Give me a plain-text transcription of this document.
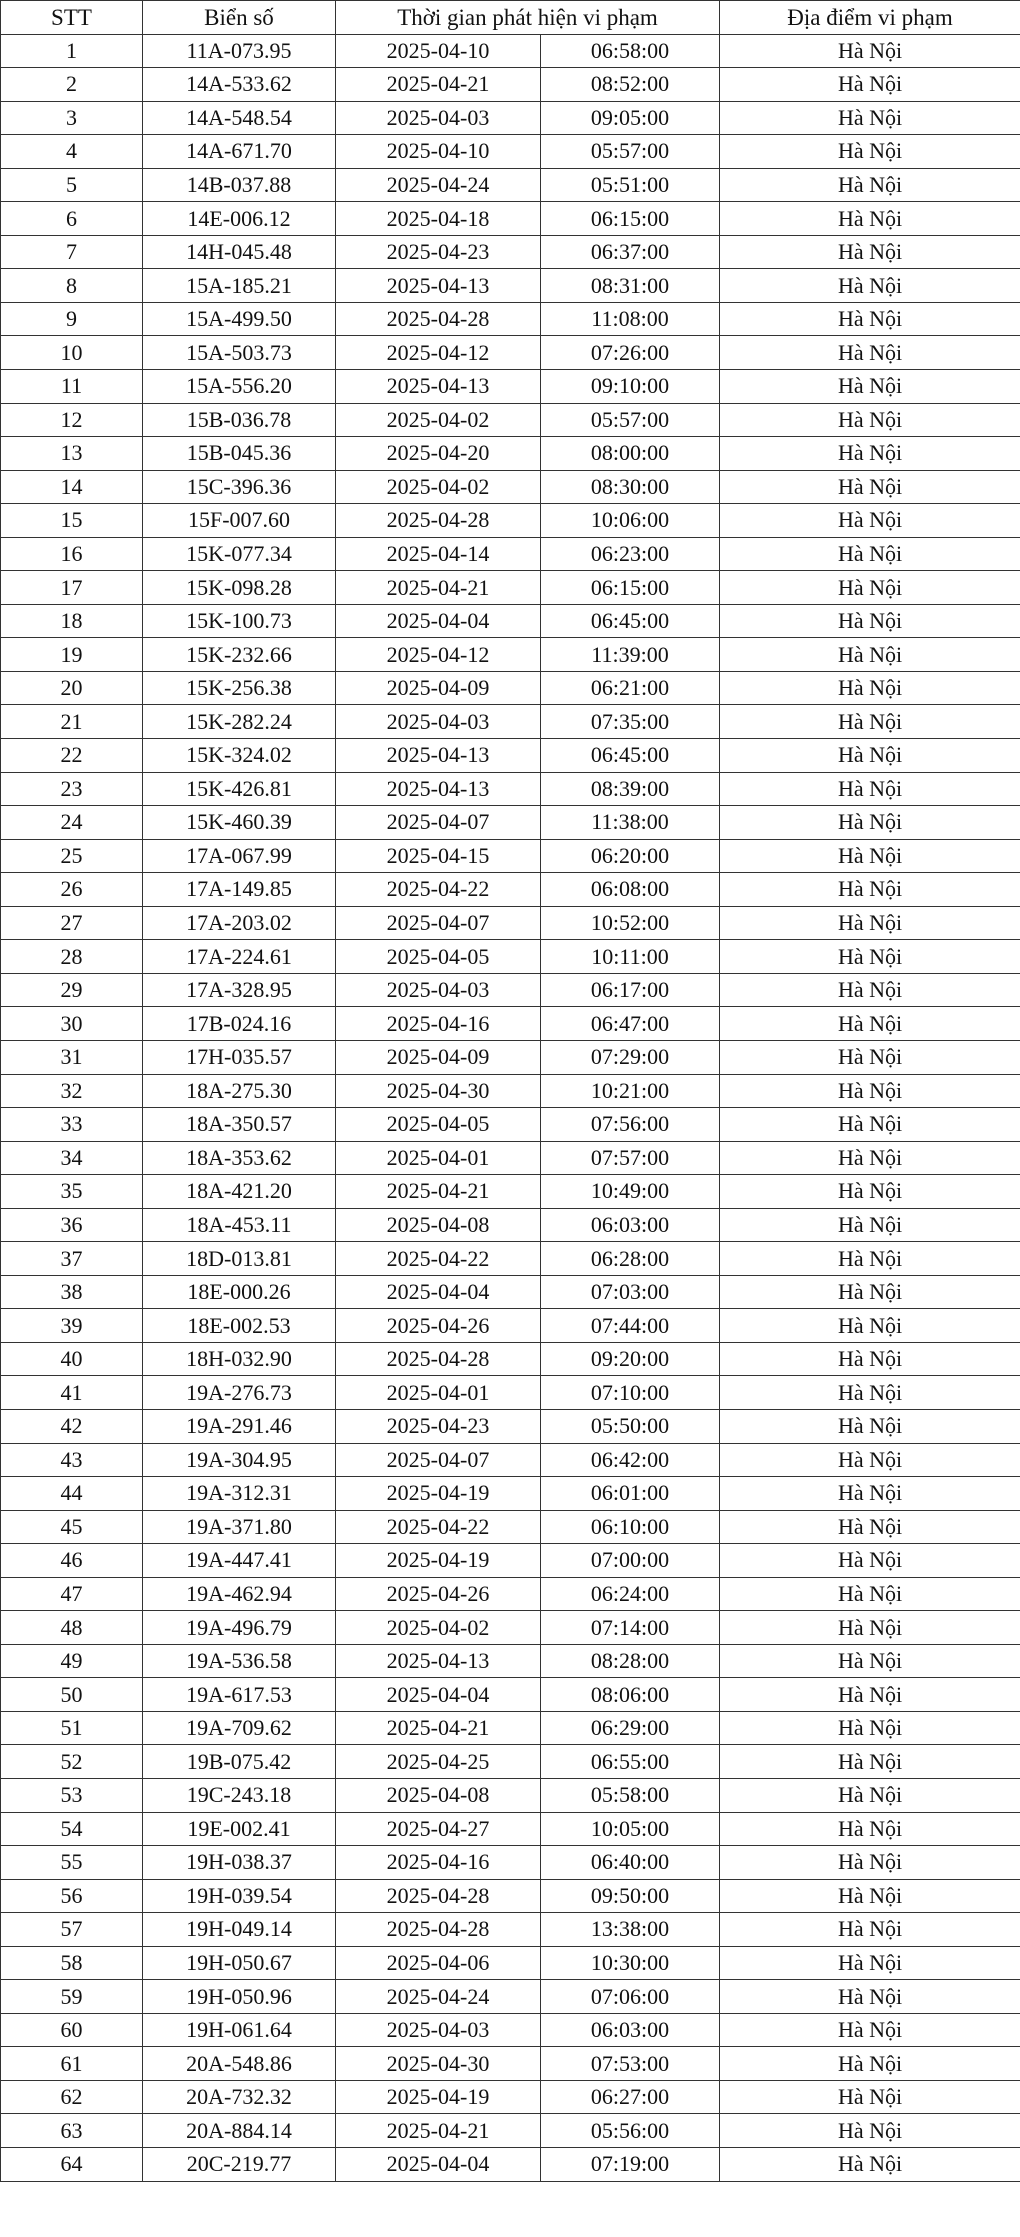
STT	Biển số	Thời gian phát hiện vi phạm		Địa điểm vi phạm
1	11A-073.95	2025-04-10	06:58:00	Hà Nội
2	14A-533.62	2025-04-21	08:52:00	Hà Nội
3	14A-548.54	2025-04-03	09:05:00	Hà Nội
4	14A-671.70	2025-04-10	05:57:00	Hà Nội
5	14B-037.88	2025-04-24	05:51:00	Hà Nội
6	14E-006.12	2025-04-18	06:15:00	Hà Nội
7	14H-045.48	2025-04-23	06:37:00	Hà Nội
8	15A-185.21	2025-04-13	08:31:00	Hà Nội
9	15A-499.50	2025-04-28	11:08:00	Hà Nội
10	15A-503.73	2025-04-12	07:26:00	Hà Nội
11	15A-556.20	2025-04-13	09:10:00	Hà Nội
12	15B-036.78	2025-04-02	05:57:00	Hà Nội
13	15B-045.36	2025-04-20	08:00:00	Hà Nội
14	15C-396.36	2025-04-02	08:30:00	Hà Nội
15	15F-007.60	2025-04-28	10:06:00	Hà Nội
16	15K-077.34	2025-04-14	06:23:00	Hà Nội
17	15K-098.28	2025-04-21	06:15:00	Hà Nội
18	15K-100.73	2025-04-04	06:45:00	Hà Nội
19	15K-232.66	2025-04-12	11:39:00	Hà Nội
20	15K-256.38	2025-04-09	06:21:00	Hà Nội
21	15K-282.24	2025-04-03	07:35:00	Hà Nội
22	15K-324.02	2025-04-13	06:45:00	Hà Nội
23	15K-426.81	2025-04-13	08:39:00	Hà Nội
24	15K-460.39	2025-04-07	11:38:00	Hà Nội
25	17A-067.99	2025-04-15	06:20:00	Hà Nội
26	17A-149.85	2025-04-22	06:08:00	Hà Nội
27	17A-203.02	2025-04-07	10:52:00	Hà Nội
28	17A-224.61	2025-04-05	10:11:00	Hà Nội
29	17A-328.95	2025-04-03	06:17:00	Hà Nội
30	17B-024.16	2025-04-16	06:47:00	Hà Nội
31	17H-035.57	2025-04-09	07:29:00	Hà Nội
32	18A-275.30	2025-04-30	10:21:00	Hà Nội
33	18A-350.57	2025-04-05	07:56:00	Hà Nội
34	18A-353.62	2025-04-01	07:57:00	Hà Nội
35	18A-421.20	2025-04-21	10:49:00	Hà Nội
36	18A-453.11	2025-04-08	06:03:00	Hà Nội
37	18D-013.81	2025-04-22	06:28:00	Hà Nội
38	18E-000.26	2025-04-04	07:03:00	Hà Nội
39	18E-002.53	2025-04-26	07:44:00	Hà Nội
40	18H-032.90	2025-04-28	09:20:00	Hà Nội
41	19A-276.73	2025-04-01	07:10:00	Hà Nội
42	19A-291.46	2025-04-23	05:50:00	Hà Nội
43	19A-304.95	2025-04-07	06:42:00	Hà Nội
44	19A-312.31	2025-04-19	06:01:00	Hà Nội
45	19A-371.80	2025-04-22	06:10:00	Hà Nội
46	19A-447.41	2025-04-19	07:00:00	Hà Nội
47	19A-462.94	2025-04-26	06:24:00	Hà Nội
48	19A-496.79	2025-04-02	07:14:00	Hà Nội
49	19A-536.58	2025-04-13	08:28:00	Hà Nội
50	19A-617.53	2025-04-04	08:06:00	Hà Nội
51	19A-709.62	2025-04-21	06:29:00	Hà Nội
52	19B-075.42	2025-04-25	06:55:00	Hà Nội
53	19C-243.18	2025-04-08	05:58:00	Hà Nội
54	19E-002.41	2025-04-27	10:05:00	Hà Nội
55	19H-038.37	2025-04-16	06:40:00	Hà Nội
56	19H-039.54	2025-04-28	09:50:00	Hà Nội
57	19H-049.14	2025-04-28	13:38:00	Hà Nội
58	19H-050.67	2025-04-06	10:30:00	Hà Nội
59	19H-050.96	2025-04-24	07:06:00	Hà Nội
60	19H-061.64	2025-04-03	06:03:00	Hà Nội
61	20A-548.86	2025-04-30	07:53:00	Hà Nội
62	20A-732.32	2025-04-19	06:27:00	Hà Nội
63	20A-884.14	2025-04-21	05:56:00	Hà Nội
64	20C-219.77	2025-04-04	07:19:00	Hà Nội
